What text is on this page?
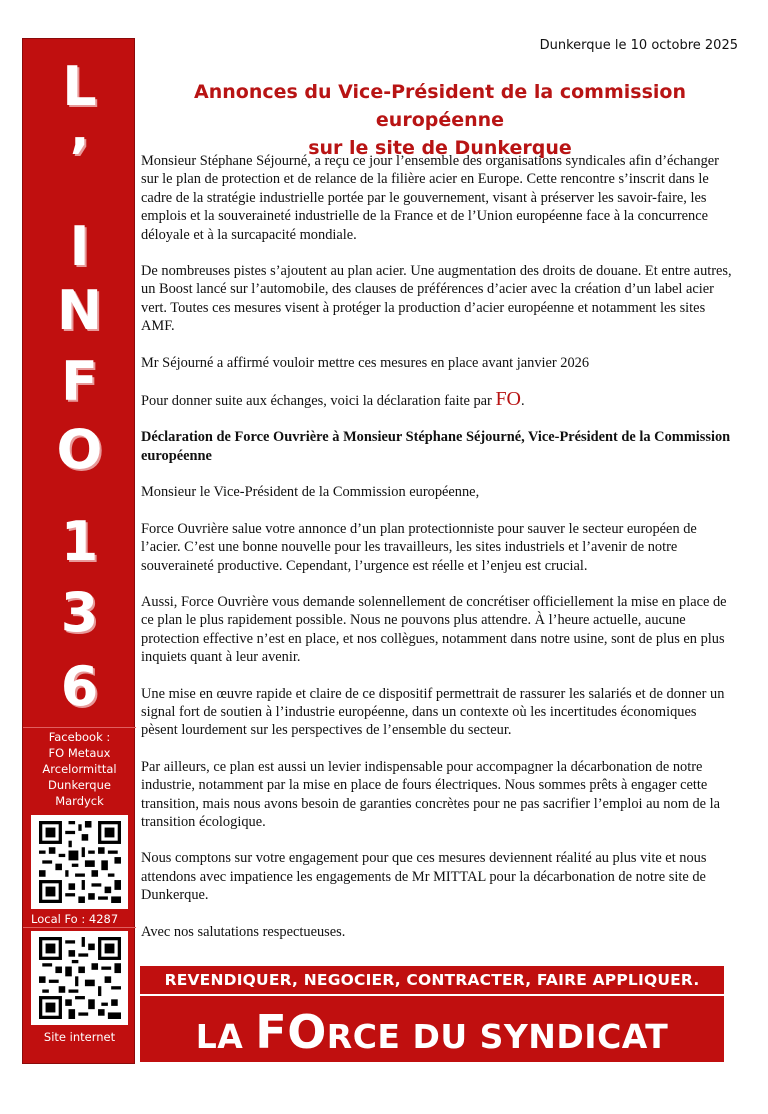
L
’
I
N
F
O
1
3
6
Facebook :
FO Metaux
Arcelormittal
Dunkerque
Mardyck
Local Fo : 4287
Site internet
Dunkerque le 10 octobre 2025
Annonces du Vice-Président de la commission européenne
sur le site de Dunkerque

Monsieur Stéphane Séjourné, a reçu ce jour l’ensemble des organisations syndicales afin d’échanger sur le plan de protection et de relance de la filière acier en Europe. Cette rencontre s’inscrit dans le cadre de la stratégie industrielle portée par le gouvernement, visant à préserver les savoir-faire, les emplois et la souveraineté industrielle de la France et de l’Union européenne face à la concurrence déloyale et à la surcapacité mondiale.

De nombreuses pistes s’ajoutent au plan acier. Une augmentation des droits de douane. Et entre autres, un Boost lancé sur l’automobile, des clauses de préférences d’acier avec la création d’un label acier vert. Toutes ces mesures visent à protéger la production d’acier européenne et notamment les sites AMF.

Mr Séjourné a affirmé vouloir mettre ces mesures en place avant janvier 2026

Pour donner suite aux échanges, voici la déclaration faite par FO.

Déclaration de Force Ouvrière à Monsieur Stéphane Séjourné, Vice-Président de la Commission européenne

Monsieur le Vice-Président de la Commission européenne,

Force Ouvrière salue votre annonce d’un plan protectionniste pour sauver le secteur européen de l’acier. C’est une bonne nouvelle pour les travailleurs, les sites industriels et l’avenir de notre souveraineté productive. Cependant, l’urgence est réelle et l’enjeu est crucial.

Aussi, Force Ouvrière vous demande solennellement de concrétiser officiellement la mise en place de ce plan le plus rapidement possible. Nous ne pouvons plus attendre. À l’heure actuelle, aucune protection effective n’est en place, et nos collègues, notamment dans notre usine, sont de plus en plus inquiets quant à leur avenir.

Une mise en œuvre rapide et claire de ce dispositif permettrait de rassurer les salariés et de donner un signal fort de soutien à l’industrie européenne, dans un contexte où les incertitudes économiques pèsent lourdement sur les perspectives de l’ensemble du secteur.

Par ailleurs, ce plan est aussi un levier indispensable pour accompagner la décarbonation de notre industrie, notamment par la mise en place de fours électriques. Nous sommes prêts à engager cette transition, mais nous avons besoin de garanties concrètes pour ne pas sacrifier l’emploi au nom de la transition écologique.

Nous comptons sur votre engagement pour que ces mesures deviennent réalité au plus vite et nous attendons avec impatience les engagements de Mr MITTAL pour la décarbonation de notre site de Dunkerque.

Avec nos salutations respectueuses.

REVENDIQUER, NEGOCIER, CONTRACTER, FAIRE APPLIQUER.
LA FORCE DU SYNDICAT
